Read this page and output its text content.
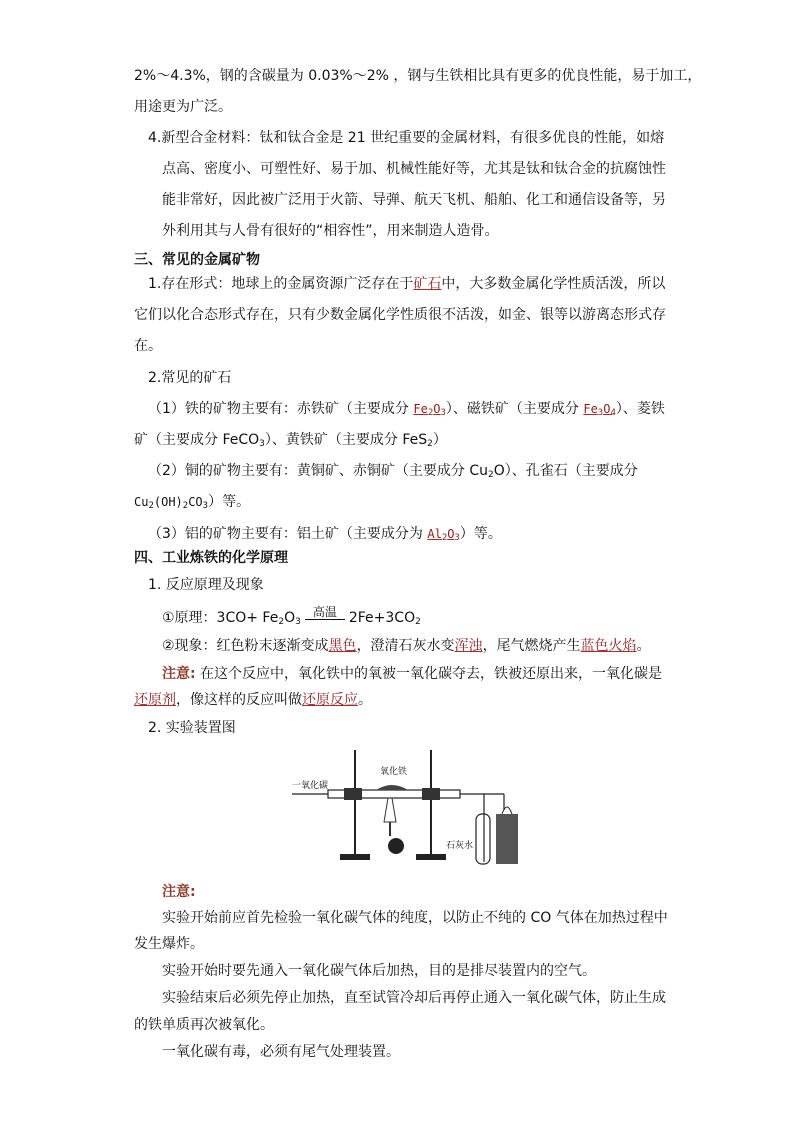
2%～4.3%，钢的含碳量为 0.03%～2% ，钢与生铁相比具有更多的优良性能，易于加工，
用途更为广泛。
4.新型合金材料：钛和钛合金是 21 世纪重要的金属材料，有很多优良的性能，如熔
点高、密度小、可塑性好、易于加、机械性能好等，尤其是钛和钛合金的抗腐蚀性
能非常好，因此被广泛用于火箭、导弹、航天飞机、船舶、化工和通信设备等，另
外利用其与人骨有很好的“相容性”，用来制造人造骨。
三、常见的金属矿物
1.存在形式：地球上的金属资源广泛存在于矿石中，大多数金属化学性质活泼，所以
它们以化合态形式存在，只有少数金属化学性质很不活泼，如金、银等以游离态形式存
在。
2.常见的矿石
（1）铁的矿物主要有：赤铁矿（主要成分 $Fe_2O_3$）、磁铁矿（主要成分 $Fe_3O_4$）、菱铁
矿（主要成分 FeCO$_3$）、黄铁矿（主要成分 FeS$_2$）
（2）铜的矿物主要有：黄铜矿、赤铜矿（主要成分 $Cu_2O$）、孔雀石（主要成分
$Cu_2(OH)_2CO_3$）等。
（3）铝的矿物主要有：铝土矿（主要成分为 $Al_2O_3$）等。
四、工业炼铁的化学原理
1. 反应原理及现象
①原理：$3CO+ Fe_2O_3$
高温 $2Fe+3CO_2$
②现象：红色粉末逐渐变成黑色，澄清石灰水变浑浊，尾气燃烧产生蓝色火焰。
注意: 在这个反应中，氧化铁中的氧被一氧化碳夺去，铁被还原出来，一氧化碳是
还原剂，像这样的反应叫做还原反应。
2. 实验装置图
一氧化碳
氧化铁
石灰水
注意:
实验开始前应首先检验一氧化碳气体的纯度，以防止不纯的 CO 气体在加热过程中
发生爆炸。
实验开始时要先通入一氧化碳气体后加热，目的是排尽装置内的空气。
实验结束后必须先停止加热，直至试管冷却后再停止通入一氧化碳气体，防止生成
的铁单质再次被氧化。
一氧化碳有毒，必须有尾气处理装置。
